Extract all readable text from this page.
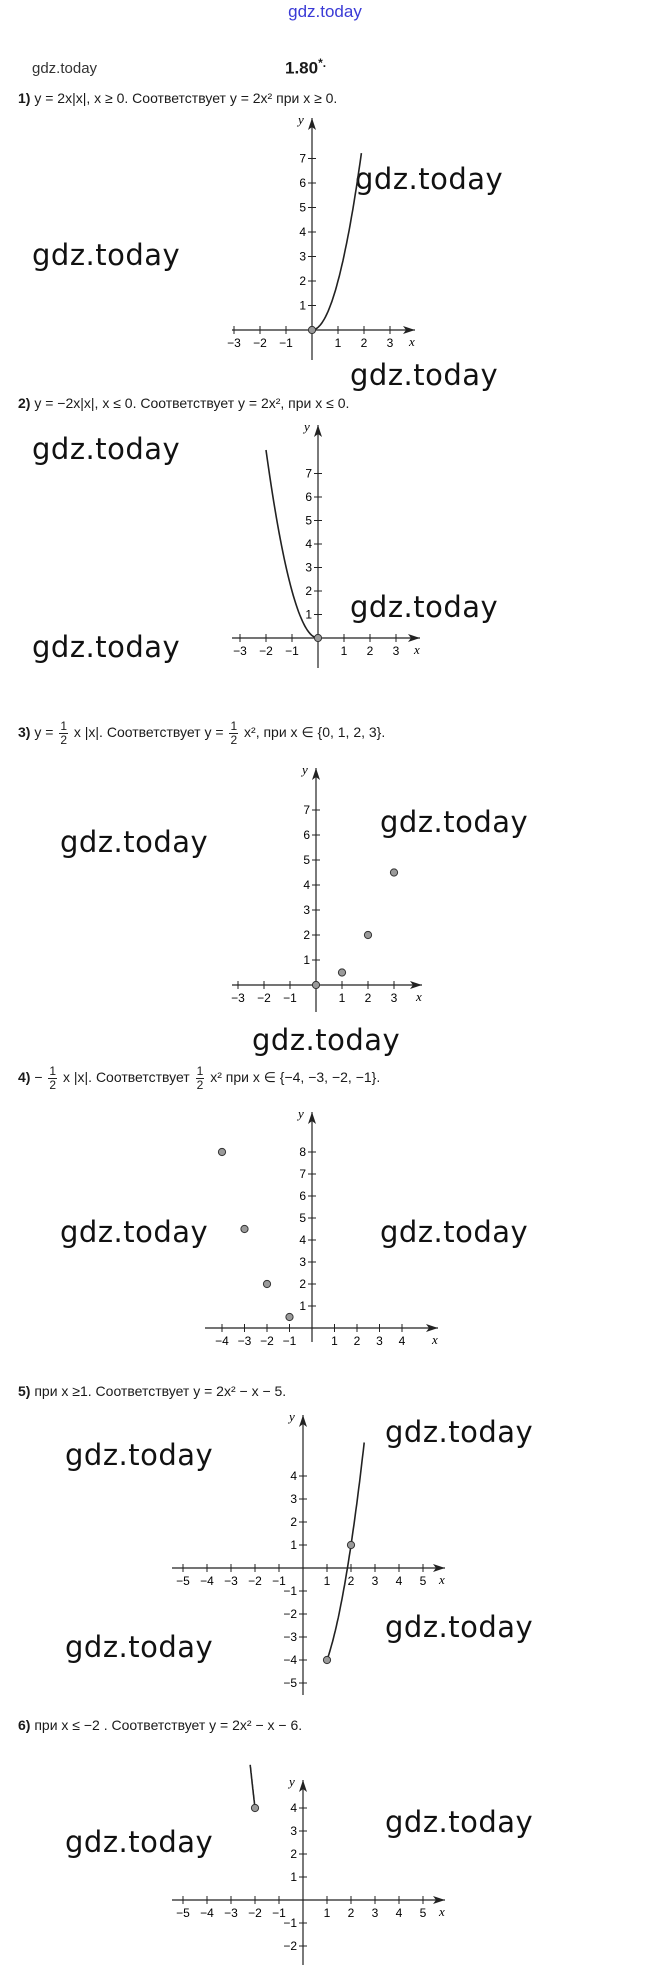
gdz.today
gdz.today	1.80*.
1) y = 2x|x|, x ≥ 0. Соответствует y = 2x² при x ≥ 0.
2) y = −2x|x|, x ≤ 0. Соответствует y = 2x², при x ≤ 0.
3) $y = \frac{1}{2}$ x |x|. Соответствует $y = \frac{1}{2} x^2$, при x ∈ {0, 1, 2, 3}.
$4) - \frac{1}{2}$ x |x|. Соответствует $\frac{1}{2} x^2$ при x ∈ {−4, −3, −2, −1}.
5) при x ≥1. Соответствует y = 2x² − x − 5.
6) при x ≤ −2 . Соответствует y = 2x² − x − 6.
gdz.today
gdz.today
gdz.today
gdz.today
gdz.today
gdz.today
gdz.today
gdz.today
gdz.today
gdz.today	gdz.today
gdz.today
gdz.today
gdz.today
gdz.today
gdz.today
gdz.today
x
y
−3 −2 −1	1 2 3
1
2
3
4
5
6
7
x
y
−3 −2 −1	1 2 3
1
2
3
4
5
6
7
x
y
−3 −2 −1	1 2 3
1
2
3
4
5
6
7
x
y
−4 −3 −2 −1	1 2 3 4
1
2
3
4
5
6
7
8
x
y
−5 −4 −3 −2 −1	1 2 3 4 5
−5
−4
−3
−2
−1
1
2
3
4
x
y
−5 −4 −3 −2 −1	1 2 3 4 5
−2
−1
1
2
3
4
